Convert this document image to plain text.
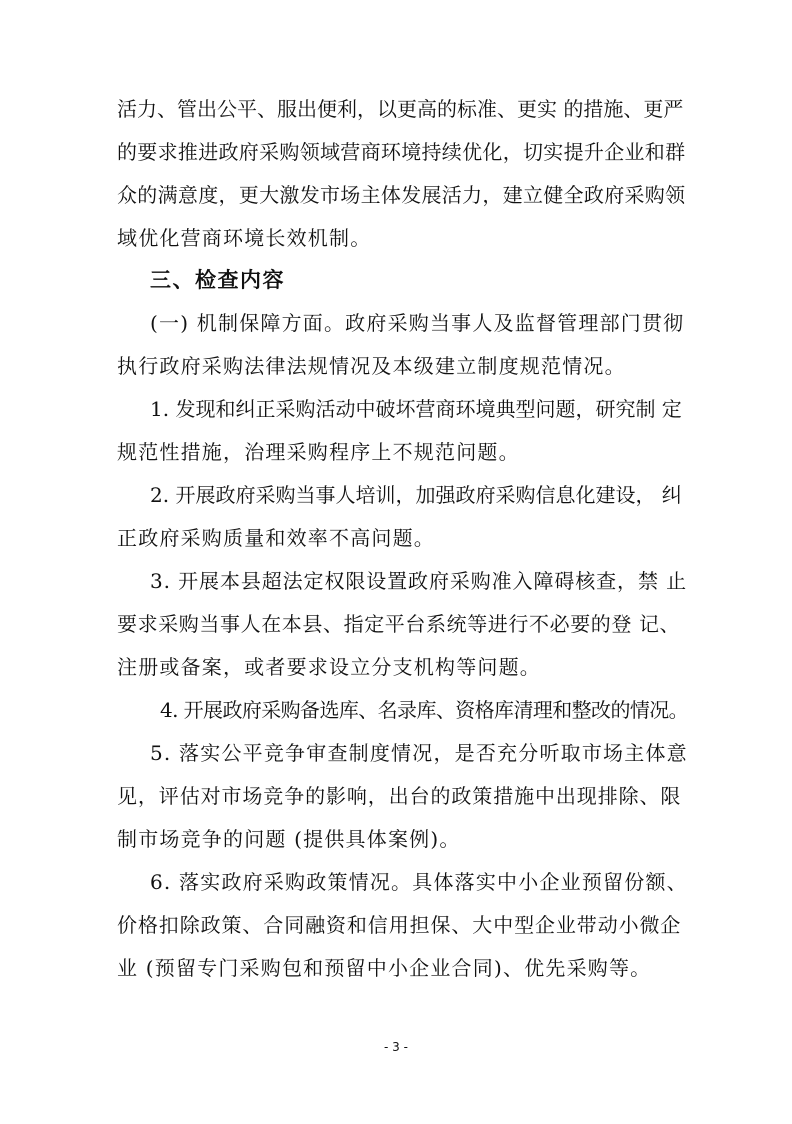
活力、管出公平、服出便利，以更高的标准、更实 的措施、更严
的要求推进政府采购领域营商环境持续优化，切实提升企业和群
众的满意度，更大激发市场主体发展活力，建立健全政府采购领
域优化营商环境长效机制。
三、检查内容
(一) 机制保障方面。政府采购当事人及监督管理部门贯彻
执行政府采购法律法规情况及本级建立制度规范情况。
1. 发现和纠正采购活动中破坏营商环境典型问题，研究制 定
规范性措施，治理采购程序上不规范问题。
2. 开展政府采购当事人培训，加强政府采购信息化建设， 纠
正政府采购质量和效率不高问题。
3. 开展本县超法定权限设置政府采购准入障碍核查，禁 止
要求采购当事人在本县、指定平台系统等进行不必要的登 记、
注册或备案，或者要求设立分支机构等问题。
4. 开展政府采购备选库、名录库、资格库清理和整改的情况。
5. 落实公平竞争审查制度情况，是否充分听取市场主体意
见，评估对市场竞争的影响，出台的政策措施中出现排除、限
制市场竞争的问题 (提供具体案例)。
6. 落实政府采购政策情况。具体落实中小企业预留份额、
价格扣除政策、合同融资和信用担保、大中型企业带动小微企
业 (预留专门采购包和预留中小企业合同)、优先采购等。
- 3 -
